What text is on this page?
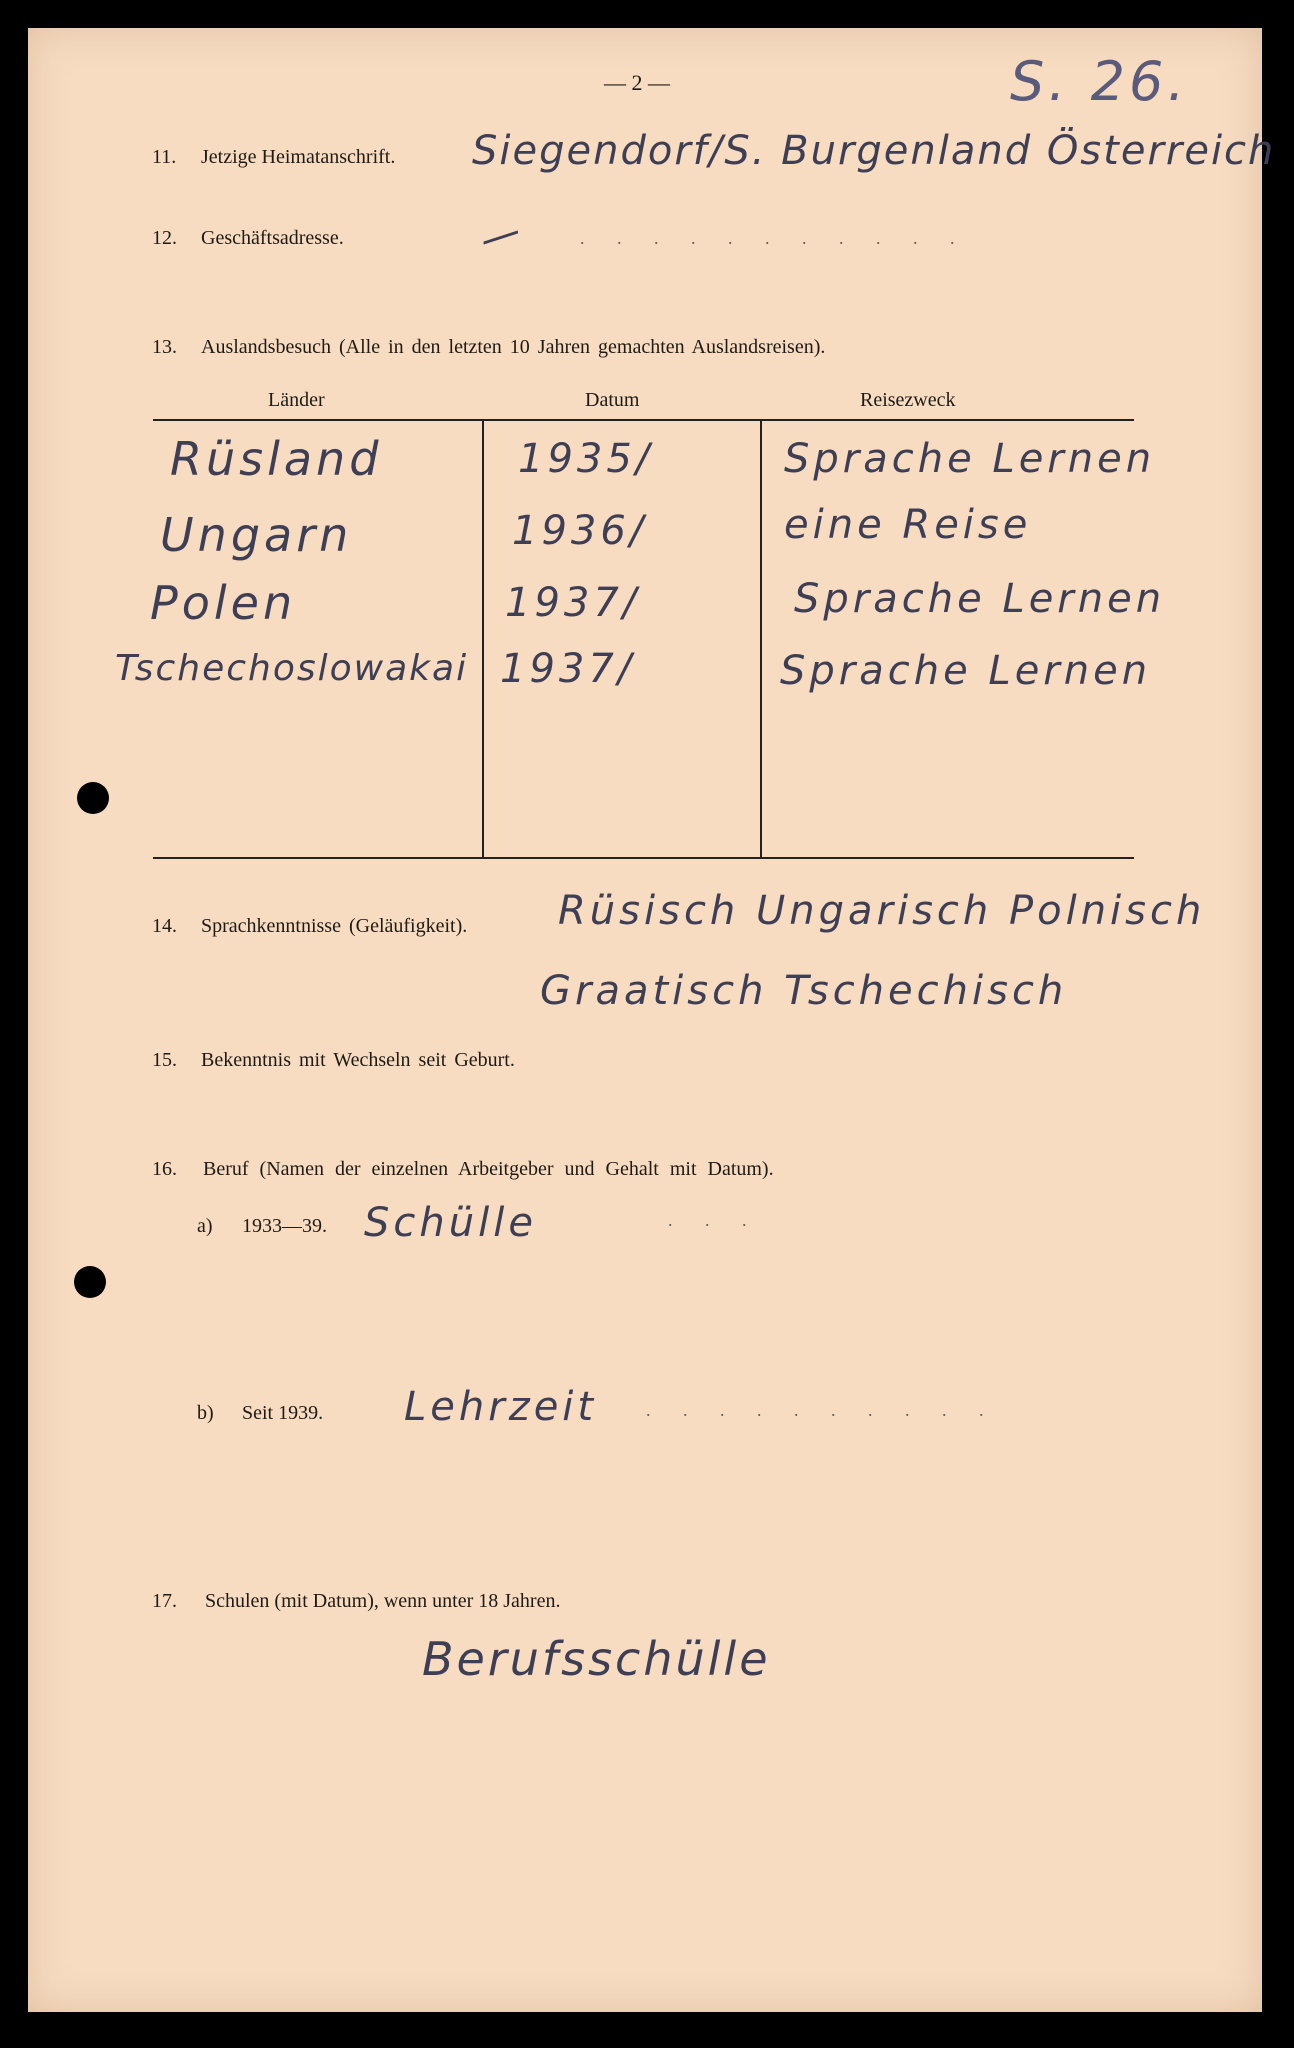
— 2 —	S. 26.
11. Jetzige Heimatanschrift. Siegendorf/S. Burgenland Österreich
12. Geschäftsadresse.	—	. . . . . . . . . . .
13. Auslandsbesuch (Alle in den letzten 10 Jahren gemachten Auslandsreisen).
Länder	Datum	Reisezweck
Rüsland	1935/	Sprache Lernen
Ungarn	1936/	eine Reise
Polen	1937/	Sprache Lernen
Tschechoslowakai 1937/	Sprache Lernen
14. Sprachkenntnisse (Geläufigkeit). Rüsisch Ungarisch Polnisch
Graatisch Tschechisch
15. Bekenntnis mit Wechseln seit Geburt.
16. Beruf (Namen der einzelnen Arbeitgeber und Gehalt mit Datum).
a) 1933—39. Schülle	. . .
b) Seit 1939. Lehrzeit	. . . . . . . . . .
17. Schulen (mit Datum), wenn unter 18 Jahren.
Berufsschülle
